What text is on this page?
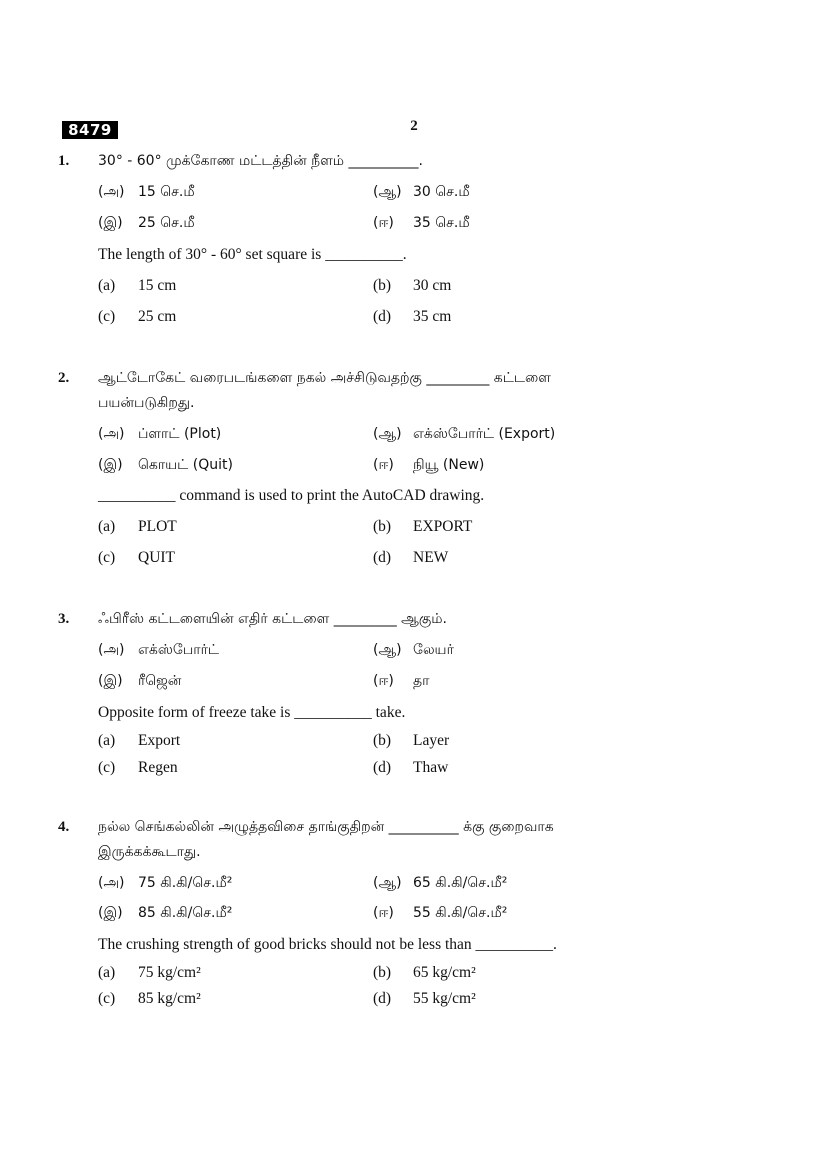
8479	2
1. 30° - 60° முக்கோண மட்டத்தின் நீளம் __________.
(அ) 15 செ.மீ	(ஆ) 30 செ.மீ
(இ) 25 செ.மீ	(ஈ) 35 செ.மீ
The length of 30° - 60° set square is __________.
(a) 15 cm	(b) 30 cm
(c) 25 cm	(d) 35 cm
2. ஆட்டோகேட் வரைபடங்களை நகல் அச்சிடுவதற்கு _________ கட்டளை
பயன்படுகிறது.
(அ) ப்ளாட் (Plot)	(ஆ) எக்ஸ்போர்ட் (Export)
(இ) கொயட் (Quit)	(ஈ) நியூ (New)
__________ command is used to print the AutoCAD drawing.
(a) PLOT	(b) EXPORT
(c) QUIT	(d) NEW
3. ஃபிரீஸ் கட்டளையின் எதிர் கட்டளை _________ ஆகும்.
(அ) எக்ஸ்போர்ட்	(ஆ) லேயர்
(இ) ரீஜென்	(ஈ) தா
Opposite form of freeze take is __________ take.
(a) Export	(b) Layer
(c) Regen	(d) Thaw
4. நல்ல செங்கல்லின் அழுத்தவிசை தாங்குதிறன் __________ க்கு குறைவாக
இருக்கக்கூடாது.
(அ) 75 கி.கி/செ.மீ²	(ஆ) 65 கி.கி/செ.மீ²
(இ) 85 கி.கி/செ.மீ²	(ஈ) 55 கி.கி/செ.மீ²
The crushing strength of good bricks should not be less than __________.
(a) 75 kg/cm²	(b) 65 kg/cm²
(c) 85 kg/cm²	(d) 55 kg/cm²
